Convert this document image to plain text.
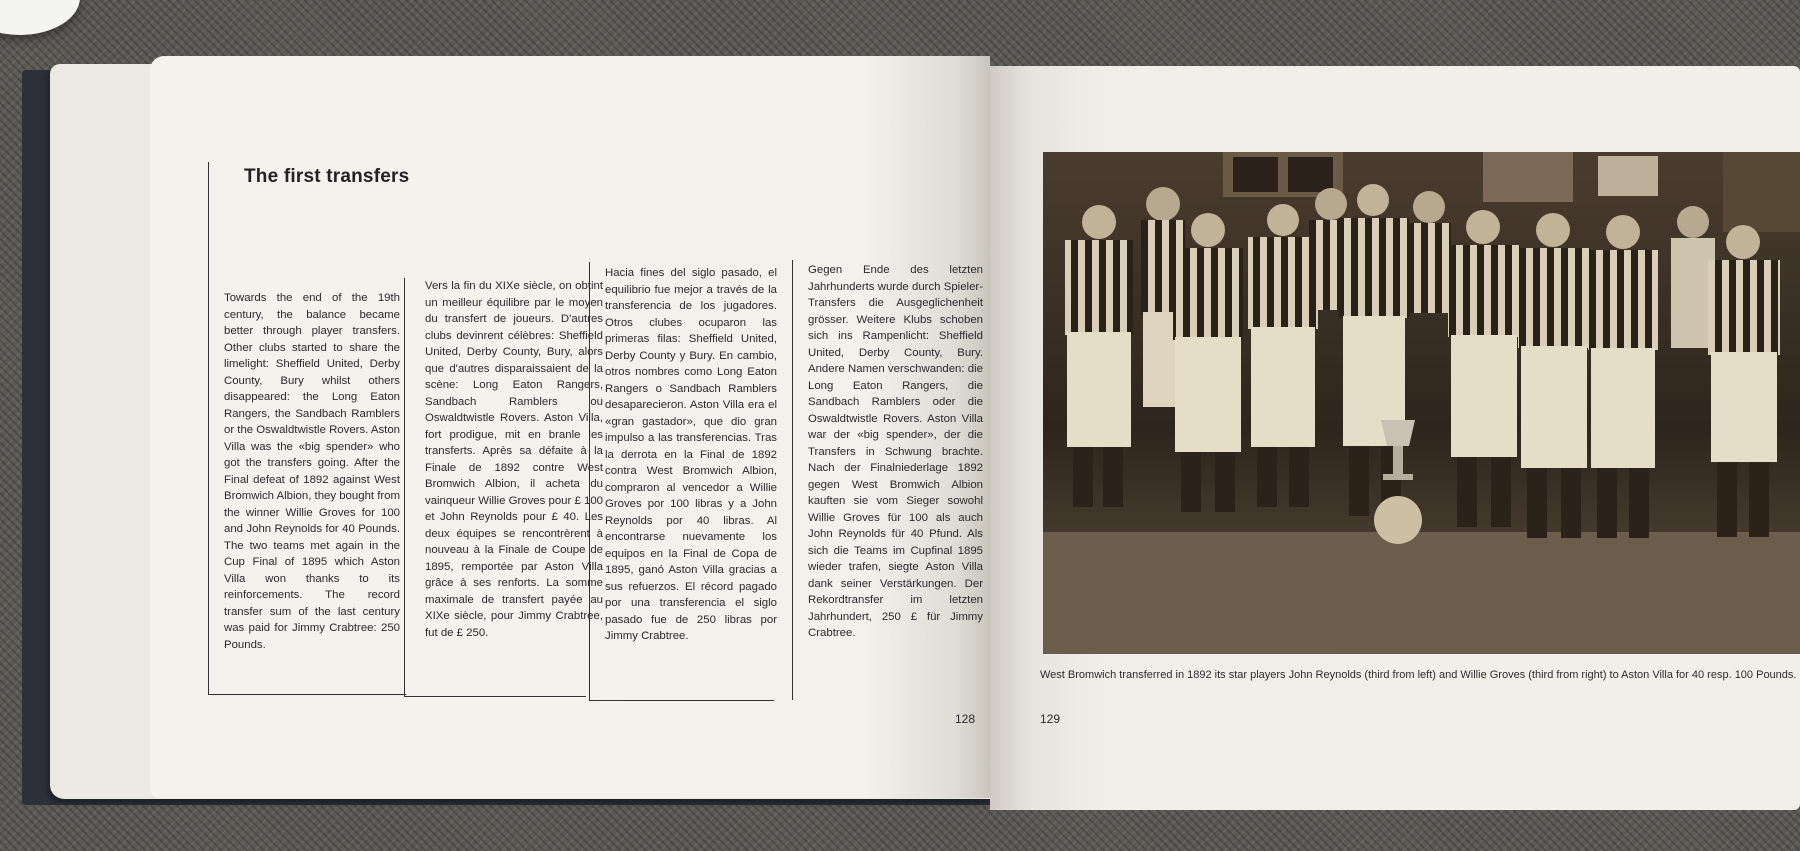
The first transfers

Towards the end of the 19th century, the balance became better through player transfers. Other clubs started to share the limelight: Sheffield United, Derby County, Bury whilst others disappeared: the Long Eaton Rangers, the Sandbach Ramblers or the Oswaldtwistle Rovers. Aston Villa was the «big spender» who got the transfers going. After the Final defeat of 1892 against West Bromwich Albion, they bought from the winner Willie Groves for 100 and John Reynolds for 40 Pounds. The two teams met again in the Cup Final of 1895 which Aston Villa won thanks to its reinforcements. The record transfer sum of the last century was paid for Jimmy Crabtree: 250 Pounds.

Vers la fin du XIXe siècle, on obtint un meilleur équilibre par le moyen du transfert de joueurs. D'autres clubs devinrent célèbres: Sheffield United, Derby County, Bury, alors que d'autres disparaissaient de la scène: Long Eaton Rangers, Sandbach Ramblers ou Oswaldtwistle Rovers. Aston Villa, fort prodigue, mit en branle les transferts. Après sa défaite à la Finale de 1892 contre West Bromwich Albion, il acheta du vainqueur Willie Groves pour £ 100 et John Reynolds pour £ 40. Les deux équipes se rencontrèrent à nouveau à la Finale de Coupe de 1895, remportée par Aston Villa grâce à ses renforts. La somme maximale de transfert payée au XIXe siècle, pour Jimmy Crabtree, fut de £ 250.

Hacia fines del siglo pasado, el equilibrio fue mejor a través de la transferencia de los jugadores. Otros clubes ocuparon las primeras filas: Sheffield United, Derby County y Bury. En cambio, otros nombres como Long Eaton Rangers o Sandbach Ramblers desaparecieron. Aston Villa era el «gran gastador», que dio gran impulso a las transferencias. Tras la derrota en la Final de 1892 contra West Bromwich Albion, compraron al vencedor a Willie Groves por 100 libras y a John Reynolds por 40 libras. Al encontrarse nuevamente los equipos en la Final de Copa de 1895, ganó Aston Villa gracias a sus refuerzos. El récord pagado por una transferencia el siglo pasado fue de 250 libras por Jimmy Crabtree.

Gegen Ende des letzten Jahrhunderts wurde durch Spieler-Transfers die Ausgeglichenheit grösser. Weitere Klubs schoben sich ins Rampenlicht: Sheffield United, Derby County, Bury. Andere Namen verschwanden: die Long Eaton Rangers, die Sandbach Ramblers oder die Oswaldtwistle Rovers. Aston Villa war der «big spender», der die Transfers in Schwung brachte. Nach der Finalniederlage 1892 gegen West Bromwich Albion kauften sie vom Sieger sowohl Willie Groves für 100 als auch John Reynolds für 40 Pfund. Als sich die Teams im Cupfinal 1895 wieder trafen, siegte Aston Villa dank seiner Verstärkungen. Der Rekordtransfer im letzten Jahrhundert, 250 £ für Jimmy Crabtree.

128

West Bromwich transferred in 1892 its star players John Reynolds (third from left) and Willie Groves (third from right) to Aston Villa for 40 resp. 100 Pounds.

129
